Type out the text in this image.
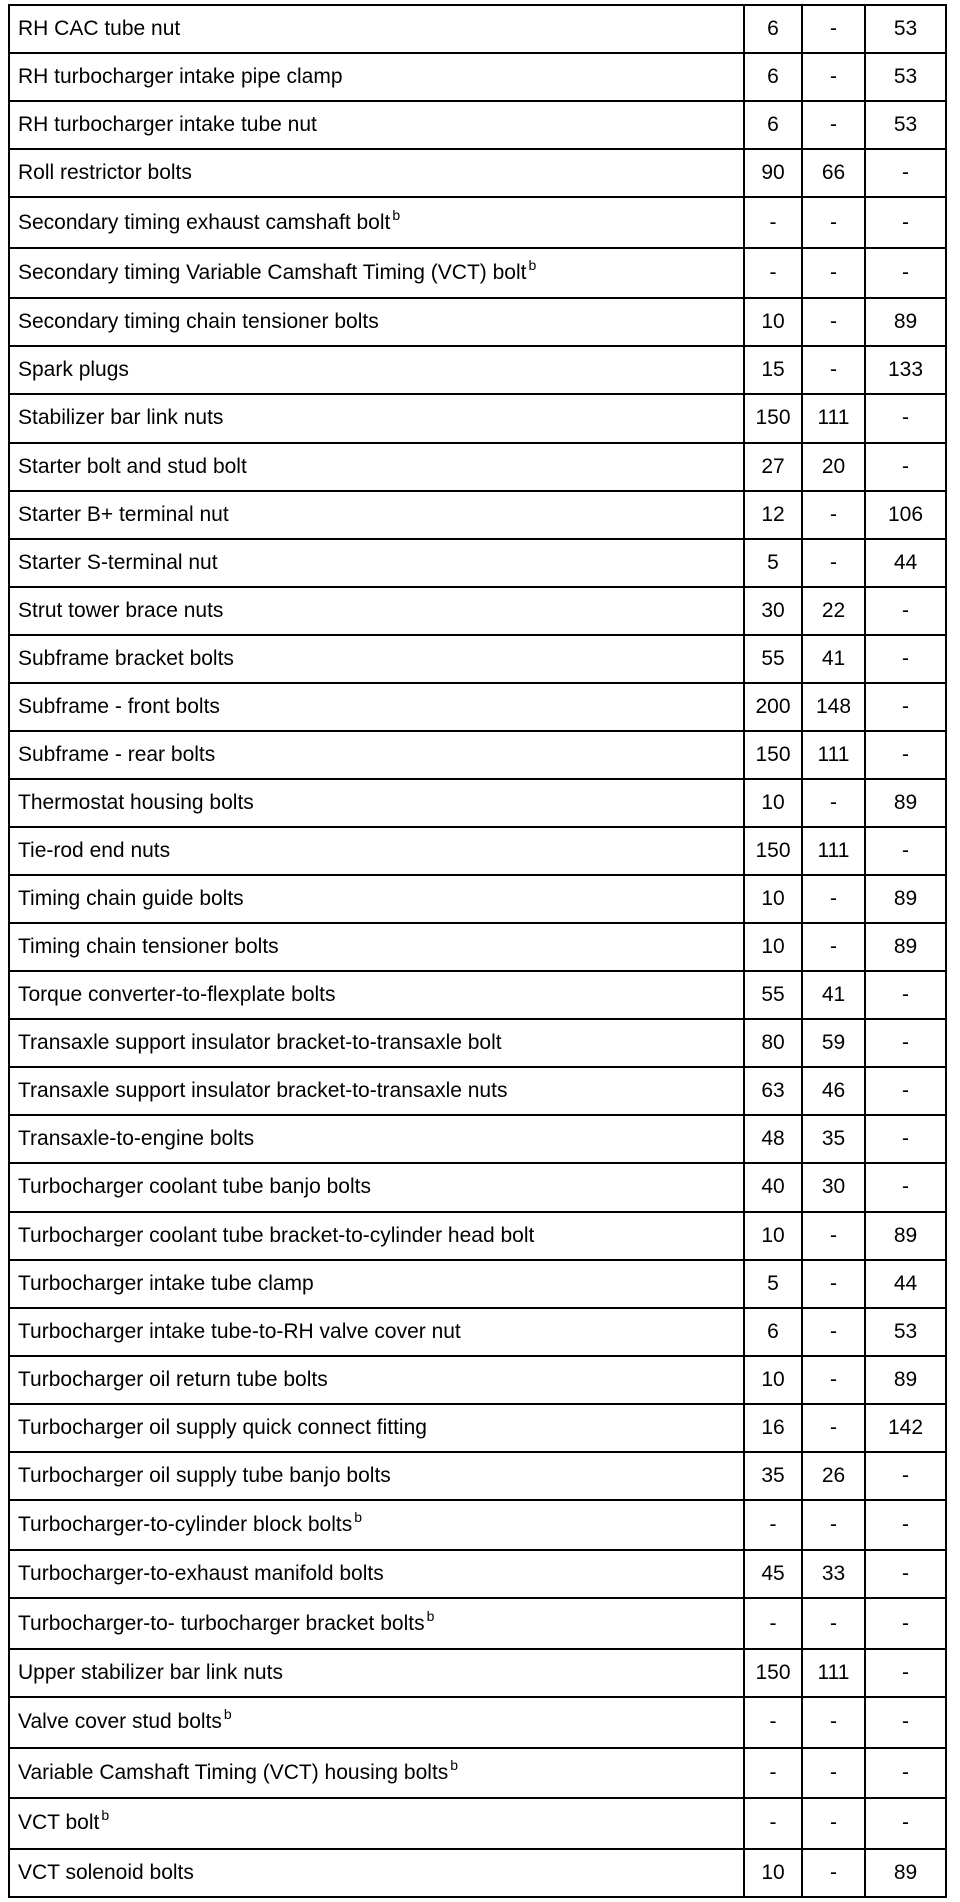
RH CAC tube nut	6	-	53
RH turbocharger intake pipe clamp	6	-	53
RH turbocharger intake tube nut	6	-	53
Roll restrictor bolts	90	66	-
Secondary timing exhaust camshaft bolt $^b$	-	-	-
Secondary timing Variable Camshaft Timing (VCT) bolt $^b$	-	-	-
Secondary timing chain tensioner bolts	10	-	89
Spark plugs	15	-	133
Stabilizer bar link nuts	150	111	-
Starter bolt and stud bolt	27	20	-
Starter B+ terminal nut	12	-	106
Starter S-terminal nut	5	-	44
Strut tower brace nuts	30	22	-
Subframe bracket bolts	55	41	-
Subframe - front bolts	200	148	-
Subframe - rear bolts	150	111	-
Thermostat housing bolts	10	-	89
Tie-rod end nuts	150	111	-
Timing chain guide bolts	10	-	89
Timing chain tensioner bolts	10	-	89
Torque converter-to-flexplate bolts	55	41	-
Transaxle support insulator bracket-to-transaxle bolt	80	59	-
Transaxle support insulator bracket-to-transaxle nuts	63	46	-
Transaxle-to-engine bolts	48	35	-
Turbocharger coolant tube banjo bolts	40	30	-
Turbocharger coolant tube bracket-to-cylinder head bolt	10	-	89
Turbocharger intake tube clamp	5	-	44
Turbocharger intake tube-to-RH valve cover nut	6	-	53
Turbocharger oil return tube bolts	10	-	89
Turbocharger oil supply quick connect fitting	16	-	142
Turbocharger oil supply tube banjo bolts	35	26	-
Turbocharger-to-cylinder block bolts $^b$	-	-	-
Turbocharger-to-exhaust manifold bolts	45	33	-
Turbocharger-to- turbocharger bracket bolts $^b$	-	-	-
Upper stabilizer bar link nuts	150	111	-
Valve cover stud bolts $^b$	-	-	-
Variable Camshaft Timing (VCT) housing bolts $^b$	-	-	-
VCT bolt $^b$	-	-	-
VCT solenoid bolts	10	-	89
